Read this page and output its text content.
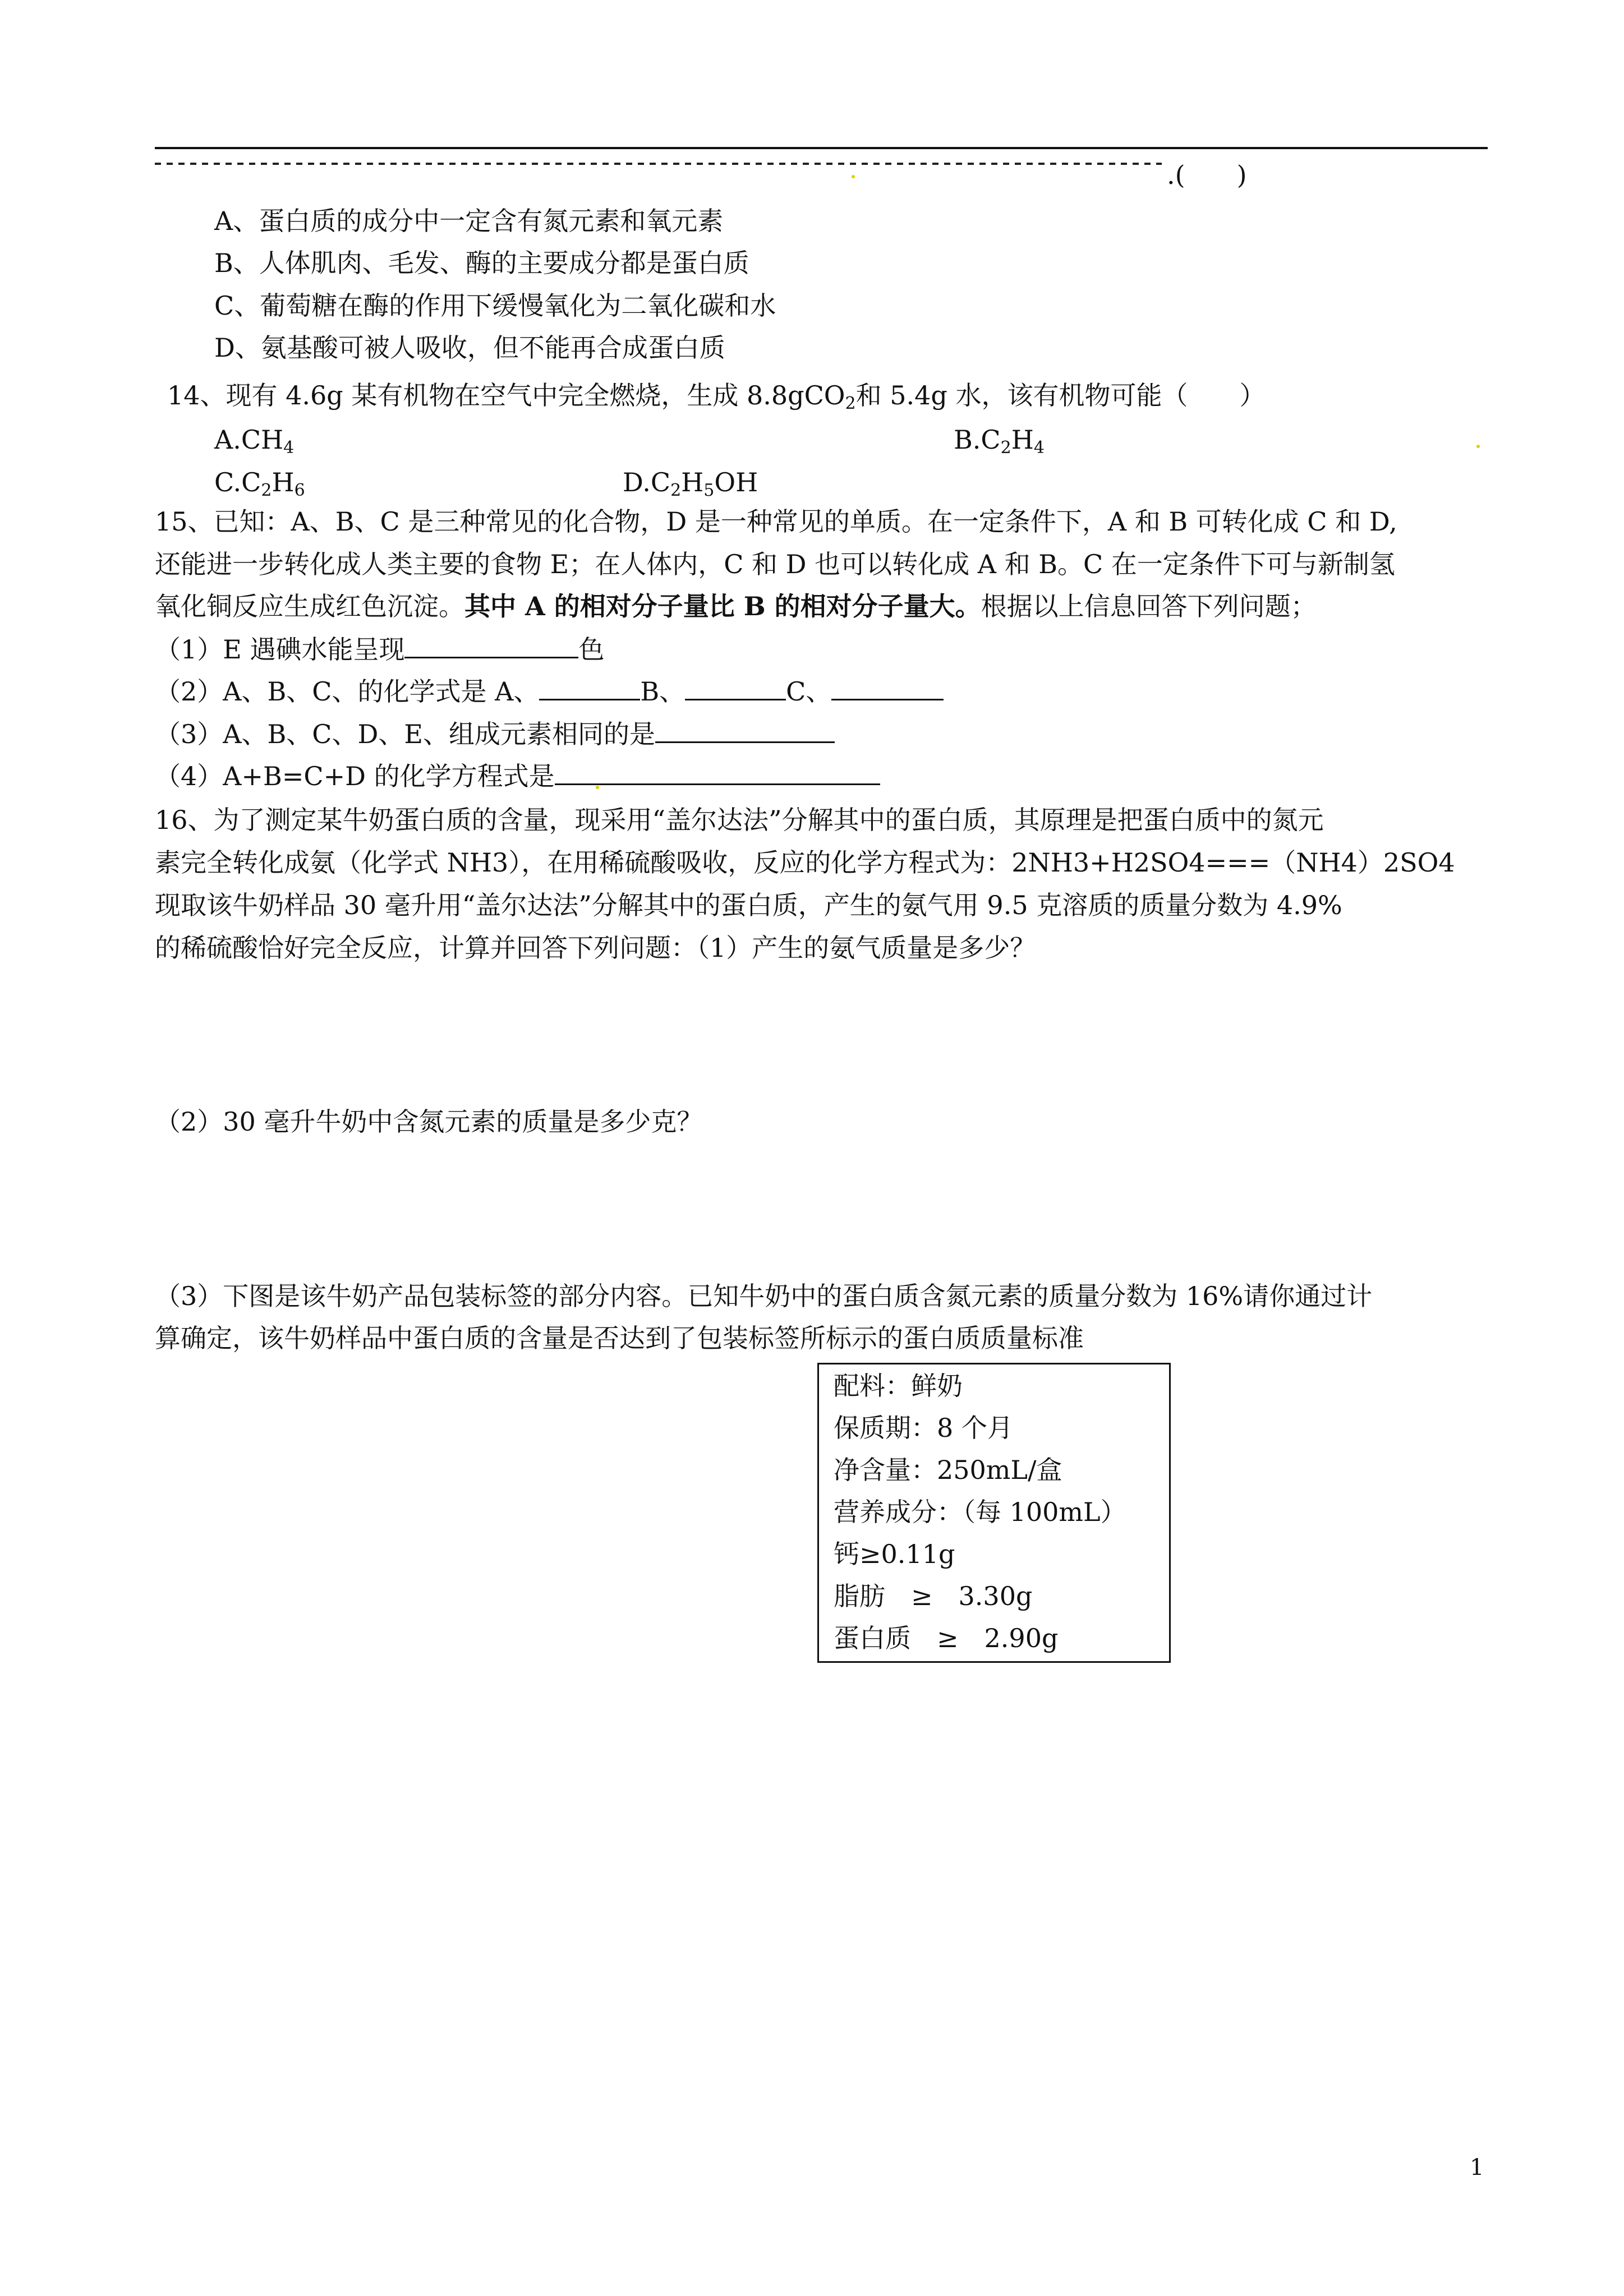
.(　　)
A、蛋白质的成分中一定含有氮元素和氧元素
B、人体肌肉、毛发、酶的主要成分都是蛋白质
C、葡萄糖在酶的作用下缓慢氧化为二氧化碳和水
D、氨基酸可被人吸收，但不能再合成蛋白质
14、现有 4.6g 某有机物在空气中完全燃烧，生成 8.8gCO$_2$和 5.4g 水，该有机物可能（　　）
$A.CH_4$	$B.C_2H_4$
$C.C_2H_6$	$D.C_2H_5OH$
15、已知：A、B、C 是三种常见的化合物，D 是一种常见的单质。在一定条件下，A 和 B 可转化成 C 和 D,
还能进一步转化成人类主要的食物 E；在人体内，C 和 D 也可以转化成 A 和 B。C 在一定条件下可与新制氢
氧化铜反应生成红色沉淀。其中 A 的相对分子量比 B 的相对分子量大。根据以上信息回答下列问题；
（1）E 遇碘水能呈现	色
（2）A、B、C、的化学式是 A、	B、	C、
（3）A、B、C、D、E、组成元素相同的是
（4）A+B=C+D 的化学方程式是
16、为了测定某牛奶蛋白质的含量，现采用“盖尔达法”分解其中的蛋白质，其原理是把蛋白质中的氮元
素完全转化成氨（化学式 NH3），在用稀硫酸吸收，反应的化学方程式为：2NH3+H2SO4===（NH4）2SO4
现取该牛奶样品 30 毫升用“盖尔达法”分解其中的蛋白质，产生的氨气用 9.5 克溶质的质量分数为 4.9%
的稀硫酸恰好完全反应，计算并回答下列问题：（1）产生的氨气质量是多少？
（2）30 毫升牛奶中含氮元素的质量是多少克？
（3）下图是该牛奶产品包装标签的部分内容。已知牛奶中的蛋白质含氮元素的质量分数为 16%请你通过计
算确定，该牛奶样品中蛋白质的含量是否达到了包装标签所标示的蛋白质质量标准
配料：鲜奶
保质期：8 个月
净含量：250mL/盒
营养成分：（每 100mL）
钙≥0.11g
脂肪　≥　3.30g
蛋白质　≥　2.90g
1
